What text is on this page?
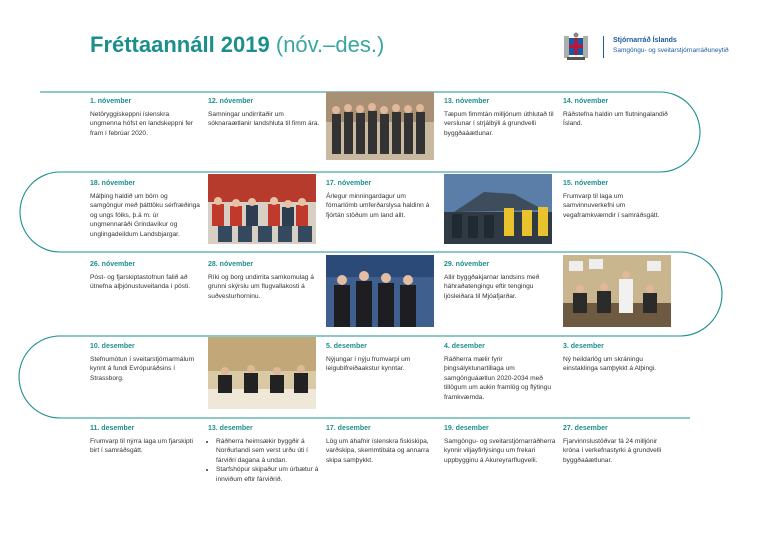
Fréttaannáll 2019 (nóv.–des.)	Stjórnarráð Íslands
Samgöngu- og sveitarstjórnarráðuneytið
1. nóvember
Netöryggiskeppni íslenskra ungmenna hófst en landskeppni fer fram í febrúar 2020.
12. nóvember
Samningar undirritaðir um sóknaraætlanir landshluta til fimm ára.
13. nóvember
Tæpum fimmtán milljónum úthlutað til verslunar í strjálbýli á grundvelli byggðaáætlunar.
14. nóvember
Ráðstefna haldin um flutningalandið Ísland.
18. nóvember
Málþing haldið um börn og samgöngur með þátttöku sérfræðinga og ungs fólks, þ.á m. úr ungmennaráði Grindavíkur og unglingadeildum Landsbjargar.
17. nóvember
Árlegur minningardagur um fórnarlömb umferðarslysa haldinn á fjórtán stöðum um land allt.
15. nóvember
Frumvarp til laga um samvinnuverkefni um vegaframkvæmdir í samráðsgátt.
26. nóvember
Póst- og fjarskiptastofnun falið að útnefna alþjónustuveitanda í pósti.
28. nóvember
Ríki og borg undirrita samkomulag á grunni skýrslu um flugvallakosti á suðvesturhorninu.
29. nóvember
Allir byggðakjarnar landsins með háhraðatengingu eftir tengingu ljósleiðara til Mjóafjarðar.
10. desember
Stefnumótun í sveitarstjórnarmálum kynnt á fundi Evrópuráðsins í Strassborg.
5. desember
Nýjungar í nýju frumvarpi um leigubifreiðaakstur kynntar.
4. desember
Ráðherra mælir fyrir þingsályktunartillaga um samgönguáætlun 2020-2034 með tillögum um aukin framlög og flýtingu framkvæmda.
3. desember
Ný heildarlög um skráningu einstaklinga samþykkt á Alþingi.
11. desember
Frumvarp til nýrra laga um fjarskipti birt í samráðsgátt.
13. desember
• Ráðherra heimsækir byggðir á Norðurlandi sem verst urðu úti í fárviðri dagana á undan.
• Starfshópur skipaður um úrbætur á innviðum eftir fárviðrið.
17. desember
Lög um áhafnir íslenskra fiskiskipa, varðskipa, skemmtibáta og annarra skipa samþykkt.
19. desember
Samgöngu- og sveitarstjórnarráðherra kynnir viljayfirlýsingu um frekari uppbygginu á Akureyrarflugvelli.
27. desember
Fjarvinnslustöðvar fá 24 milljónir króna í verkefnastyrki á grundvelli byggðaáætlunar.
